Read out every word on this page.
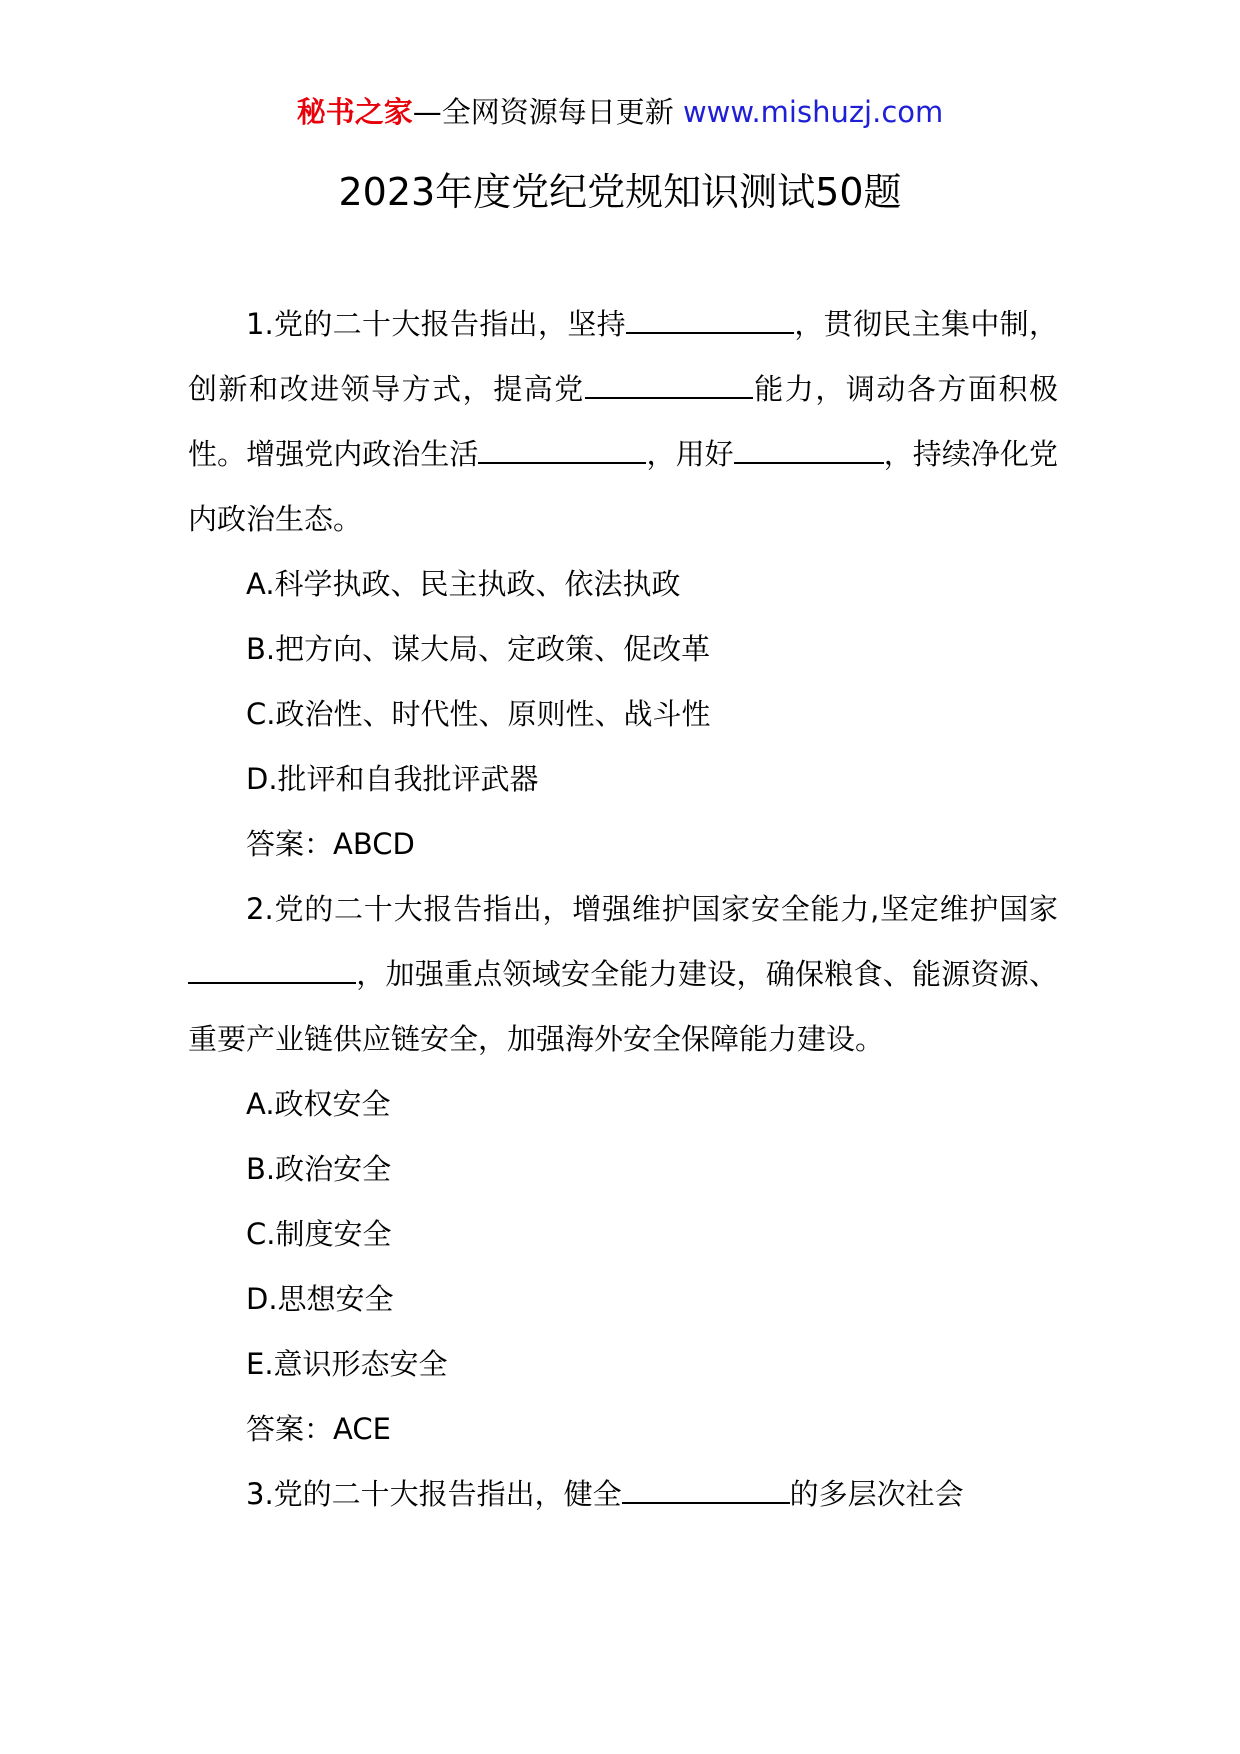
秘书之家—全网资源每日更新 www.mishuzj.com
2023年度党纪党规知识测试50题

1.党的二十大报告指出，坚持	，贯彻民主集中制，创新和改进领导方式，提高党	能力，调动各方面积极性。增强党内政治生活	，用好	，持续净化党内政治生态。

A.科学执政、民主执政、依法执政

B.把方向、谋大局、定政策、促改革

C.政治性、时代性、原则性、战斗性

D.批评和自我批评武器

答案：ABCD

2.党的二十大报告指出，增强维护国家安全能力,坚定维护国家，加强重点领域安全能力建设，确保粮食、能源资源、重要产业链供应链安全，加强海外安全保障能力建设。

A.政权安全

B.政治安全

C.制度安全

D.思想安全

E.意识形态安全

答案：ACE

3.党的二十大报告指出，健全	的多层次社会
